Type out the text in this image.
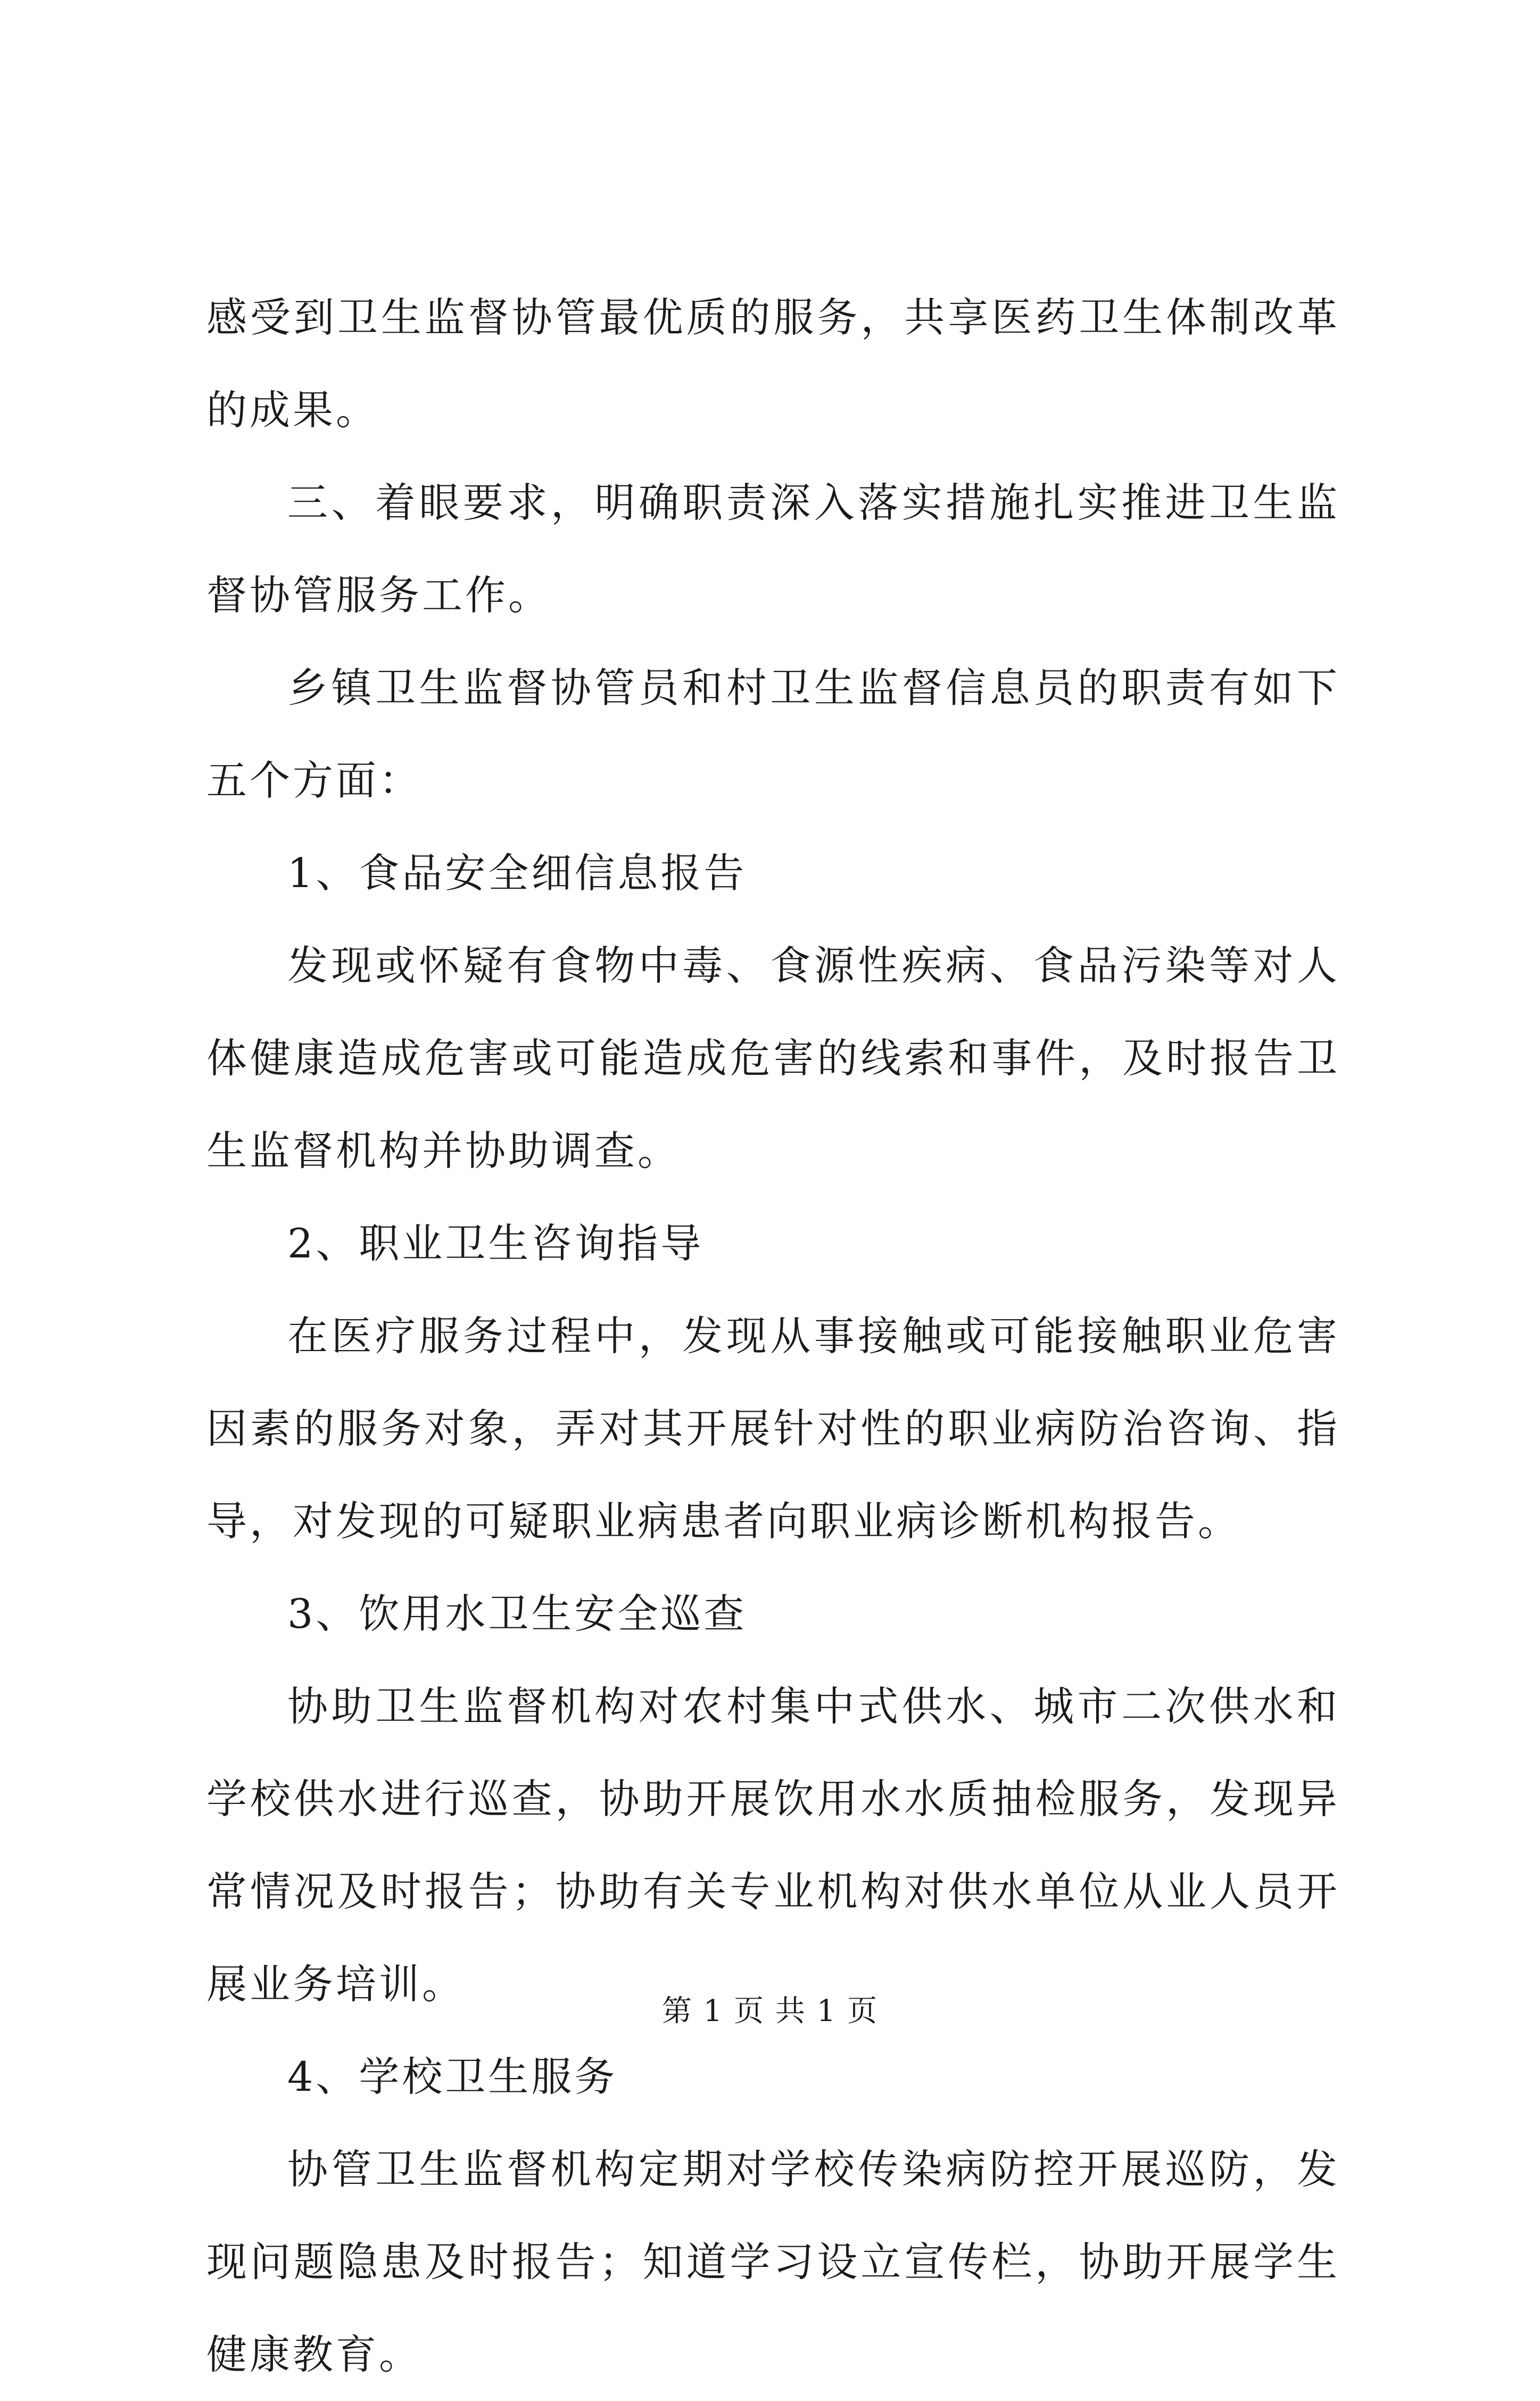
感受到卫生监督协管最优质的服务，共享医药卫生体制改革的成果。

三、着眼要求，明确职责深入落实措施扎实推进卫生监督协管服务工作。

乡镇卫生监督协管员和村卫生监督信息员的职责有如下五个方面：

1、食品安全细信息报告

发现或怀疑有食物中毒、食源性疾病、食品污染等对人体健康造成危害或可能造成危害的线索和事件，及时报告卫生监督机构并协助调查。

2、职业卫生咨询指导

在医疗服务过程中，发现从事接触或可能接触职业危害因素的服务对象，弄对其开展针对性的职业病防治咨询、指导，对发现的可疑职业病患者向职业病诊断机构报告。

3、饮用水卫生安全巡查

协助卫生监督机构对农村集中式供水、城市二次供水和学校供水进行巡查，协助开展饮用水水质抽检服务，发现异常情况及时报告；协助有关专业机构对供水单位从业人员开展业务培训。

4、学校卫生服务

协管卫生监督机构定期对学校传染病防控开展巡防，发现问题隐患及时报告；知道学习设立宣传栏，协助开展学生健康教育。

第 1 页 共 1 页
